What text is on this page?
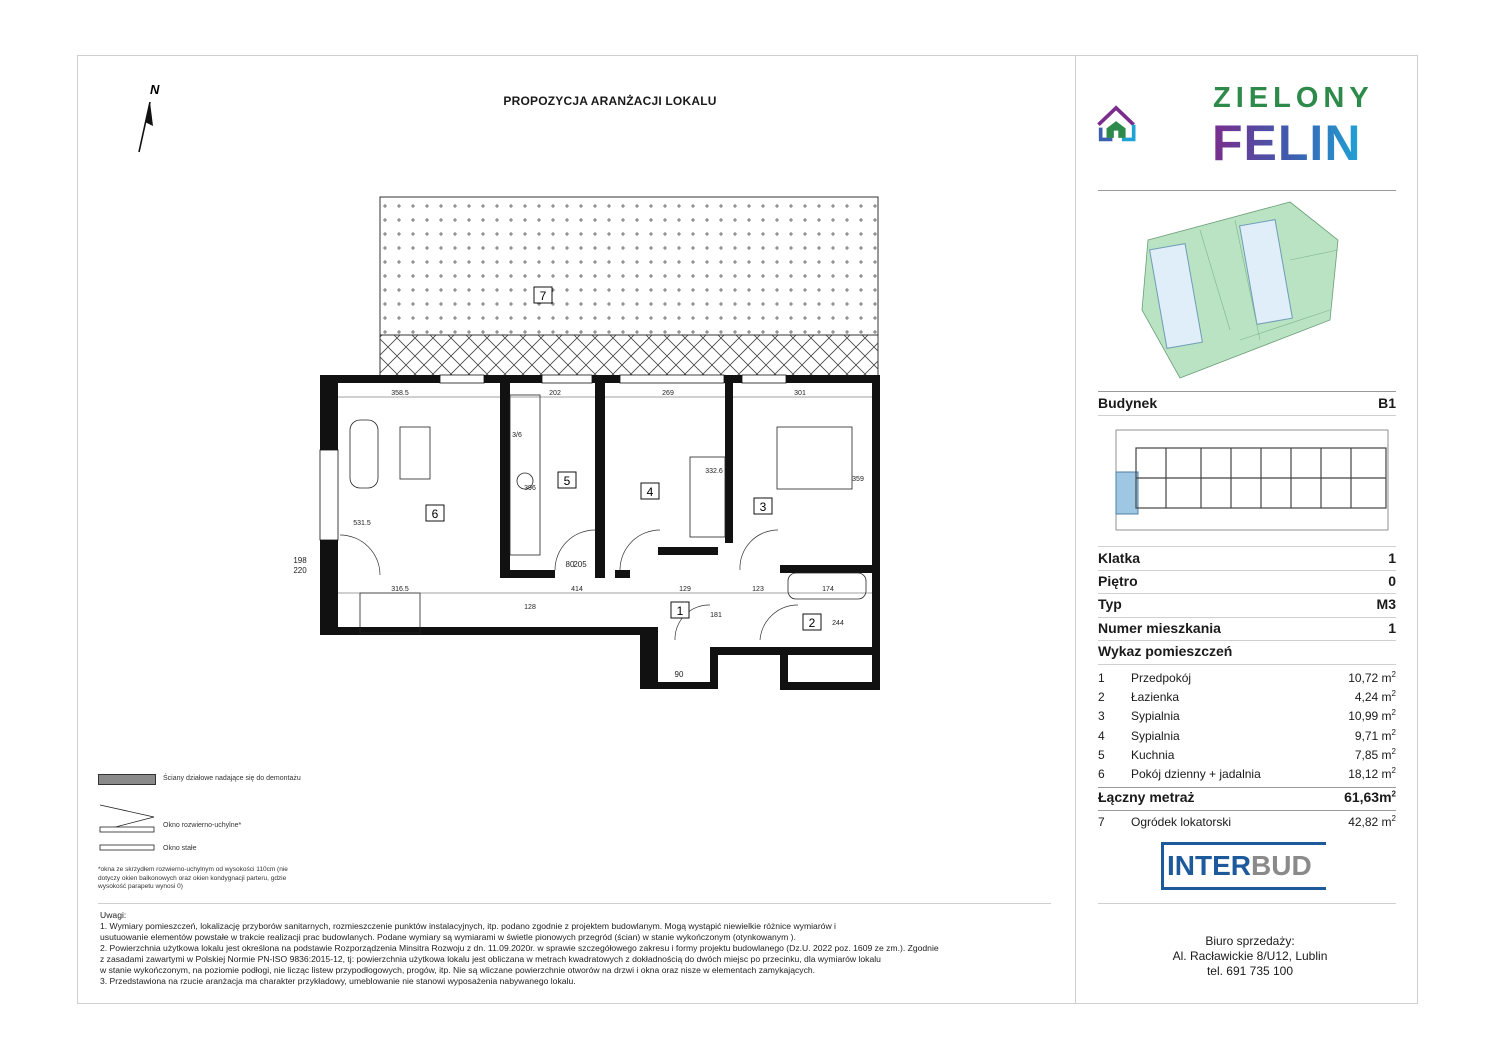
N
PROPOZYCJA ARANŻACJI LOKALU
1
2
3
4
5
6
7
358.5	202	269	301
316.5	414	129	123	174
128
181
244
332.6
359
531.5
396
3/6
80
205
90
220
198
Ściany działowe nadające się do demontażu
Okno rozwierno-uchylne*
Okno stałe
*okna ze skrzydłem rozwierno-uchylnym od wysokości 110cm (nie dotyczy okien balkonowych oraz okien kondygnacji parteru, gdzie wysokość parapetu wynosi 0)
Uwagi:
1. Wymiary pomieszczeń, lokalizację przyborów sanitarnych, rozmieszczenie punktów instalacyjnych, itp. podano zgodnie z projektem budowlanym. Mogą wystąpić niewielkie różnice wymiarów i
usutuowanie elementów powstałe w trakcie realizacji prac budowlanych. Podane wymiary są wymiarami w świetle pionowych przegród (ścian) w stanie wykończonym (otynkowanym ).
2. Powierzchnia użytkowa lokalu jest określona na podstawie Rozporządzenia Minsitra Rozwoju z dn. 11.09.2020r. w sprawie szczegółowego zakresu i formy projektu budowlanego (Dz.U. 2022 poz. 1609 ze zm.). Zgodnie
z zasadami zawartymi w Polskiej Normie PN-ISO 9836:2015-12, tj: powierzchnia użytkowa lokalu jest obliczana w metrach kwadratowych z dokładnością do dwóch miejsc po przecinku, dla wymiarów lokalu
w stanie wykończonym, na poziomie podłogi, nie licząc listew przypodłogowych, progów, itp. Nie są wliczane powierzchnie otworów na drzwi i okna oraz nisze w elementach zamykających.
3. Przedstawiona na rzucie aranżacja ma charakter przykładowy, umeblowanie nie stanowi wyposażenia nabywanego lokalu.
ZIELONY
FELIN
Budynek	B1
Klatka	1
Piętro	0
Typ	M3
Numer mieszkania	1
Wykaz pomieszczeń
1	Przedpokój	10,72 $m^2$
2	Łazienka	4,24 $m^2$
3	Sypialnia	10,99 $m^2$
4	Sypialnia	9,71 $m^2$
5	Kuchnia	7,85 $m^2$
6	Pokój dzienny + jadalnia	18,12 $m^2$
Łączny metraż	$61,63m^2$
7	Ogródek lokatorski	42,82 $m^2$
INTERBUD
Biuro sprzedaży:
Al. Racławickie 8/U12, Lublin
tel. 691 735 100
